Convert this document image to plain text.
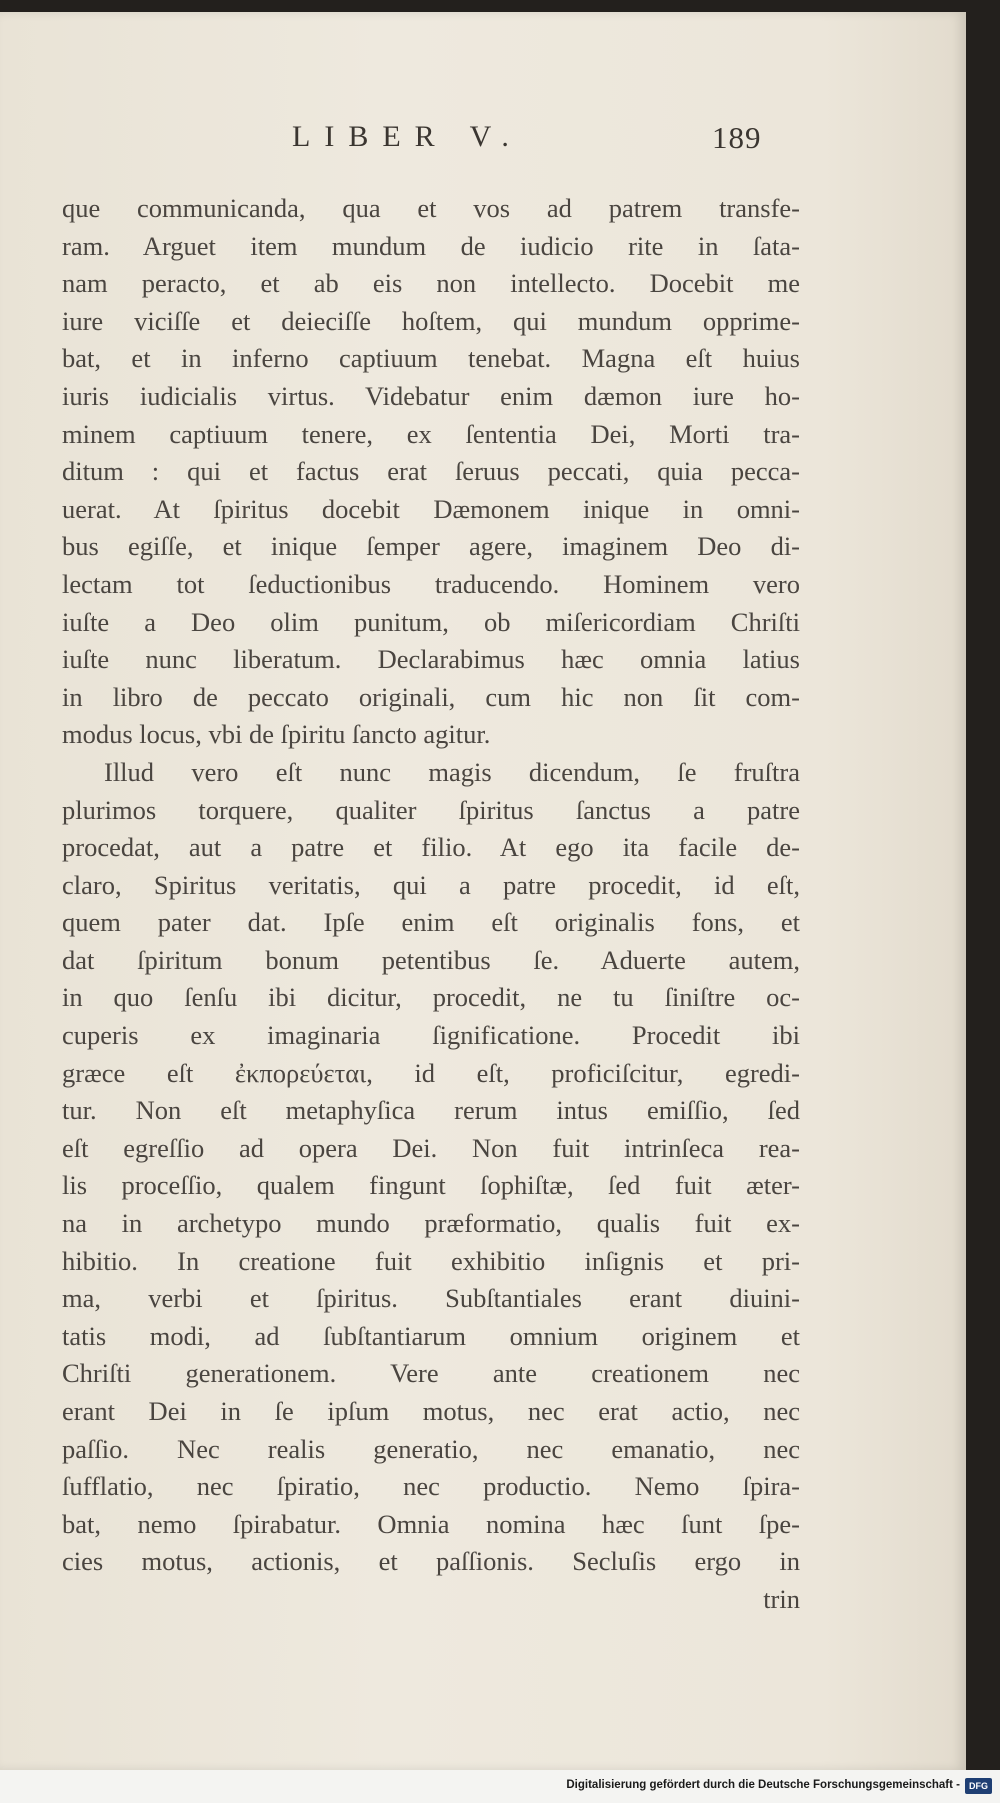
LIBER V.	189
que communicanda, qua et vos ad patrem transfe-
ram. Arguet item mundum de iudicio rite in ſata-
nam peracto, et ab eis non intellecto. Docebit me
iure viciſſe et deieciſſe hoſtem, qui mundum opprime-
bat, et in inferno captiuum tenebat. Magna eſt huius
iuris iudicialis virtus. Videbatur enim dæmon iure ho-
minem captiuum tenere, ex ſententia Dei, Morti tra-
ditum : qui et factus erat ſeruus peccati, quia pecca-
uerat. At ſpiritus docebit Dæmonem inique in omni-
bus egiſſe, et inique ſemper agere, imaginem Deo di-
lectam tot ſeductionibus traducendo. Hominem vero
iuſte a Deo olim punitum, ob miſericordiam Chriſti
iuſte nunc liberatum. Declarabimus hæc omnia latius
in libro de peccato originali, cum hic non ſit com-
modus locus, vbi de ſpiritu ſancto agitur.
Illud vero eſt nunc magis dicendum, ſe fruſtra
plurimos torquere, qualiter ſpiritus ſanctus a patre
procedat, aut a patre et filio. At ego ita facile de-
claro, Spiritus veritatis, qui a patre procedit, id eſt,
quem pater dat. Ipſe enim eſt originalis fons, et
dat ſpiritum bonum petentibus ſe. Aduerte autem,
in quo ſenſu ibi dicitur, procedit, ne tu ſiniſtre oc-
cuperis ex imaginaria ſignificatione. Procedit ibi
græce eſt ἐκπορεύεται, id eſt, proficiſcitur, egredi-
tur. Non eſt metaphyſica rerum intus emiſſio, ſed
eſt egreſſio ad opera Dei. Non fuit intrinſeca rea-
lis proceſſio, qualem fingunt ſophiſtæ, ſed fuit æter-
na in archetypo mundo præformatio, qualis fuit ex-
hibitio. In creatione fuit exhibitio inſignis et pri-
ma, verbi et ſpiritus. Subſtantiales erant diuini-
tatis modi, ad ſubſtantiarum omnium originem et
Chriſti generationem. Vere ante creationem nec
erant Dei in ſe ipſum motus, nec erat actio, nec
paſſio. Nec realis generatio, nec emanatio, nec
ſufflatio, nec ſpiratio, nec productio. Nemo ſpira-
bat, nemo ſpirabatur. Omnia nomina hæc ſunt ſpe-
cies motus, actionis, et paſſionis. Secluſis ergo in
trin
Digitalisierung gefördert durch die Deutsche Forschungsgemeinschaft -	DFG
